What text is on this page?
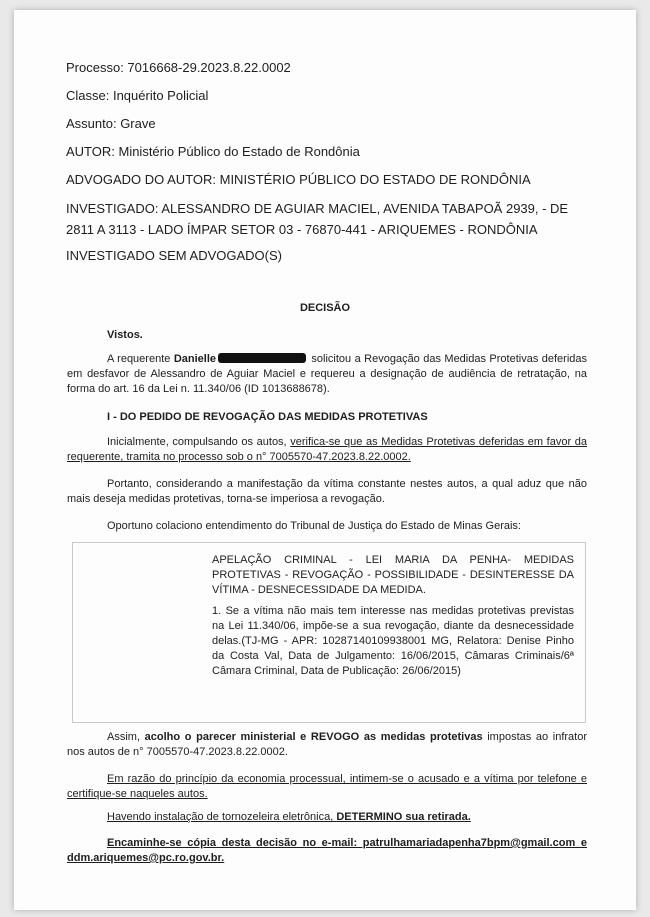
Processo: 7016668-29.2023.8.22.0002

Classe: Inquérito Policial

Assunto: Grave

AUTOR: Ministério Público do Estado de Rondônia

ADVOGADO DO AUTOR: MINISTÉRIO PÚBLICO DO ESTADO DE RONDÔNIA

INVESTIGADO: ALESSANDRO DE AGUIAR MACIEL, AVENIDA TABAPOÃ 2939, - DE 2811 A 3113 - LADO ÍMPAR SETOR 03 - 76870-441 - ARIQUEMES - RONDÔNIA

INVESTIGADO SEM ADVOGADO(S)

DECISÃO

Vistos.

A requerente Danielle	solicitou a Revogação das Medidas Protetivas deferidas em desfavor de Alessandro de Aguiar Maciel e requereu a designação de audiência de retratação, na forma do art. 16 da Lei n. 11.340/06 (ID 1013688678).

I - DO PEDIDO DE REVOGAÇÃO DAS MEDIDAS PROTETIVAS

Inicialmente, compulsando os autos, verifica-se que as Medidas Protetivas deferidas em favor da requerente, tramita no processo sob o n° 7005570-47.2023.8.22.0002.

Portanto, considerando a manifestação da vítima constante nestes autos, a qual aduz que não mais deseja medidas protetivas, torna-se imperiosa a revogação.

Oportuno colaciono entendimento do Tribunal de Justiça do Estado de Minas Gerais:

APELAÇÃO CRIMINAL - LEI MARIA DA PENHA- MEDIDAS PROTETIVAS - REVOGAÇÃO - POSSIBILIDADE - DESINTERESSE DA VÍTIMA - DESNECESSIDADE DA MEDIDA.

1. Se a vítima não mais tem interesse nas medidas protetivas previstas na Lei 11.340/06, impõe-se a sua revogação, diante da desnecessidade delas.(TJ-MG - APR: 10287140109938001 MG, Relatora: Denise Pinho da Costa Val, Data de Julgamento: 16/06/2015, Câmaras Criminais/6ª Câmara Criminal, Data de Publicação: 26/06/2015)

Assim, acolho o parecer ministerial e REVOGO as medidas protetivas impostas ao infrator nos autos de n° 7005570-47.2023.8.22.0002.

Em razão do princípio da economia processual, intimem-se o acusado e a vítima por telefone e certifique-se naqueles autos.

Havendo instalação de tornozeleira eletrônica, DETERMINO sua retirada.

Encaminhe-se cópia desta decisão no e-mail: patrulhamariadapenha7bpm@gmail.com e ddm.ariquemes@pc.ro.gov.br.
